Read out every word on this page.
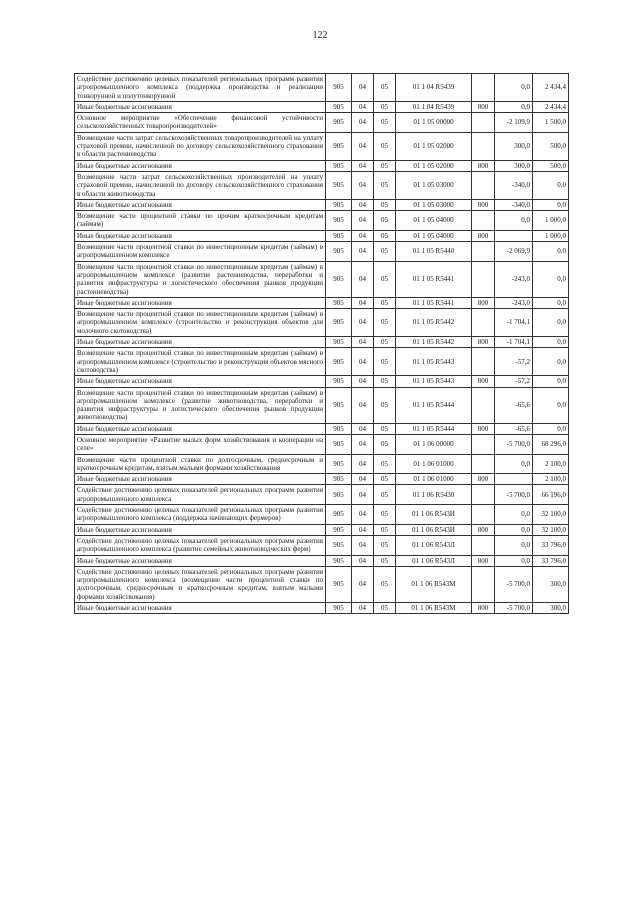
122
Содействие достижению целевых показателей региональных программ развития агропромышленного комплекса (поддержка производства и реализации тонкорунной и полутонкорунной	905	04	05	01 1 04 R5439		0,0	2 434,4
Иные бюджетные ассигнования	905	04	05	01 1 04 R5439	800	0,0	2 434,4
Основное мероприятие «Обеспечение финансовой устойчивости сельскохозяйственных товаропроизводителей»	905	04	05	01 1 05 00000		-2 109,9	1 500,0
Возмещение части затрат сельскохозяйственных товаропроизводителей на уплату страховой премии, начисленной по договору сельскохозяйственного страхования в области растениеводства	905	04	05	01 1 05 02000		300,0	500,0
Иные бюджетные ассигнования	905	04	05	01 1 05 02000	800	300,0	500,0
Возмещение части затрат сельскохозяйственных производителей на уплату страховой премии, начисленной по договору сельскохозяйственного страхования в области животноводства	905	04	05	01 1 05 03000		-340,0	0,0
Иные бюджетные ассигнования	905	04	05	01 1 05 03000	800	-340,0	0,0
Возмещение части процентной ставки по прочим краткосрочным кредитам (займам)	905	04	05	01 1 05 04000		0,0	1 000,0
Иные бюджетные ассигнования	905	04	05	01 1 05 04000	800		1 000,0
Возмещение части процентной ставки по инвестиционным кредитам (займам) в агропромышленном комплексе	905	04	05	01 1 05 R5440		-2 069,9	0,0
Возмещение части процентной ставки по инвестиционным кредитам (займам) в агропромышленном комплексе (развитие растениеводства, переработки и развития инфраструктуры и логистического обеспечения рынков продукции растениеводства)	905	04	05	01 1 05 R5441		-243,0	0,0
Иные бюджетные ассигнования	905	04	05	01 1 05 R5441	800	-243,0	0,0
Возмещение части процентной ставки по инвестиционным кредитам (займам) в агропромышленном комплексе (строительство и реконструкция объектов для молочного скотоводства)	905	04	05	01 1 05 R5442		-1 704,1	0,0
Иные бюджетные ассигнования	905	04	05	01 1 05 R5442	800	-1 704,1	0,0
Возмещение части процентной ставки по инвестиционным кредитам (займам) в агропромышленном комплексе (строительство и реконструкция объектов мясного скотоводства)	905	04	05	01 1 05 R5443		-57,2	0,0
Иные бюджетные ассигнования	905	04	05	01 1 05 R5443	800	-57,2	0,0
Возмещение части процентной ставки по инвестиционным кредитам (займам) в агропромышленном комплексе (развитие животноводства, переработки и развития инфраструктуры и логистического обеспечения рынков продукции животноводства)	905	04	05	01 1 05 R5444		-65,6	0,0
Иные бюджетные ассигнования	905	04	05	01 1 05 R5444	800	-65,6	0,0
Основное мероприятие «Развитие малых форм хозяйствования и кооперации на селе»	905	04	05	01 1 06 00000		-5 700,0	68 296,0
Возмещение части процентной ставки по долгосрочным, среднесрочным и краткосрочным кредитам, взятым малыми формами хозяйствования	905	04	05	01 1 06 01000		0,0	2 100,0
Иные бюджетные ассигнования	905	04	05	01 1 06 01000	800		2 100,0
Содействие достижению целевых показателей региональных программ развития агропромышленного комплекса	905	04	05	01 1 06 R5430		-5 700,0	66 196,0
Содействие достижению целевых показателей региональных программ развития агропромышленного комплекса (поддержка начинающих фермеров)	905	04	05	01 1 06 R543И		0,0	32 100,0
Иные бюджетные ассигнования	905	04	05	01 1 06 R543И	800	0,0	32 100,0
Содействие достижению целевых показателей региональных программ развития агропромышленного комплекса (развитие семейных животноводческих ферм)	905	04	05	01 1 06 R543Л		0,0	33 796,0
Иные бюджетные ассигнования	905	04	05	01 1 06 R543Л	800	0,0	33 796,0
Содействие достижению целевых показателей региональных программ развития агропромышленного комплекса (возмещение части процентной ставки по долгосрочным, среднесрочным и краткосрочным кредитам, взятым малыми формами хозяйствования)	905	04	05	01 1 06 R543М		-5 700,0	300,0
Иные бюджетные ассигнования	905	04	05	01 1 06 R543М	800	-5 700,0	300,0
